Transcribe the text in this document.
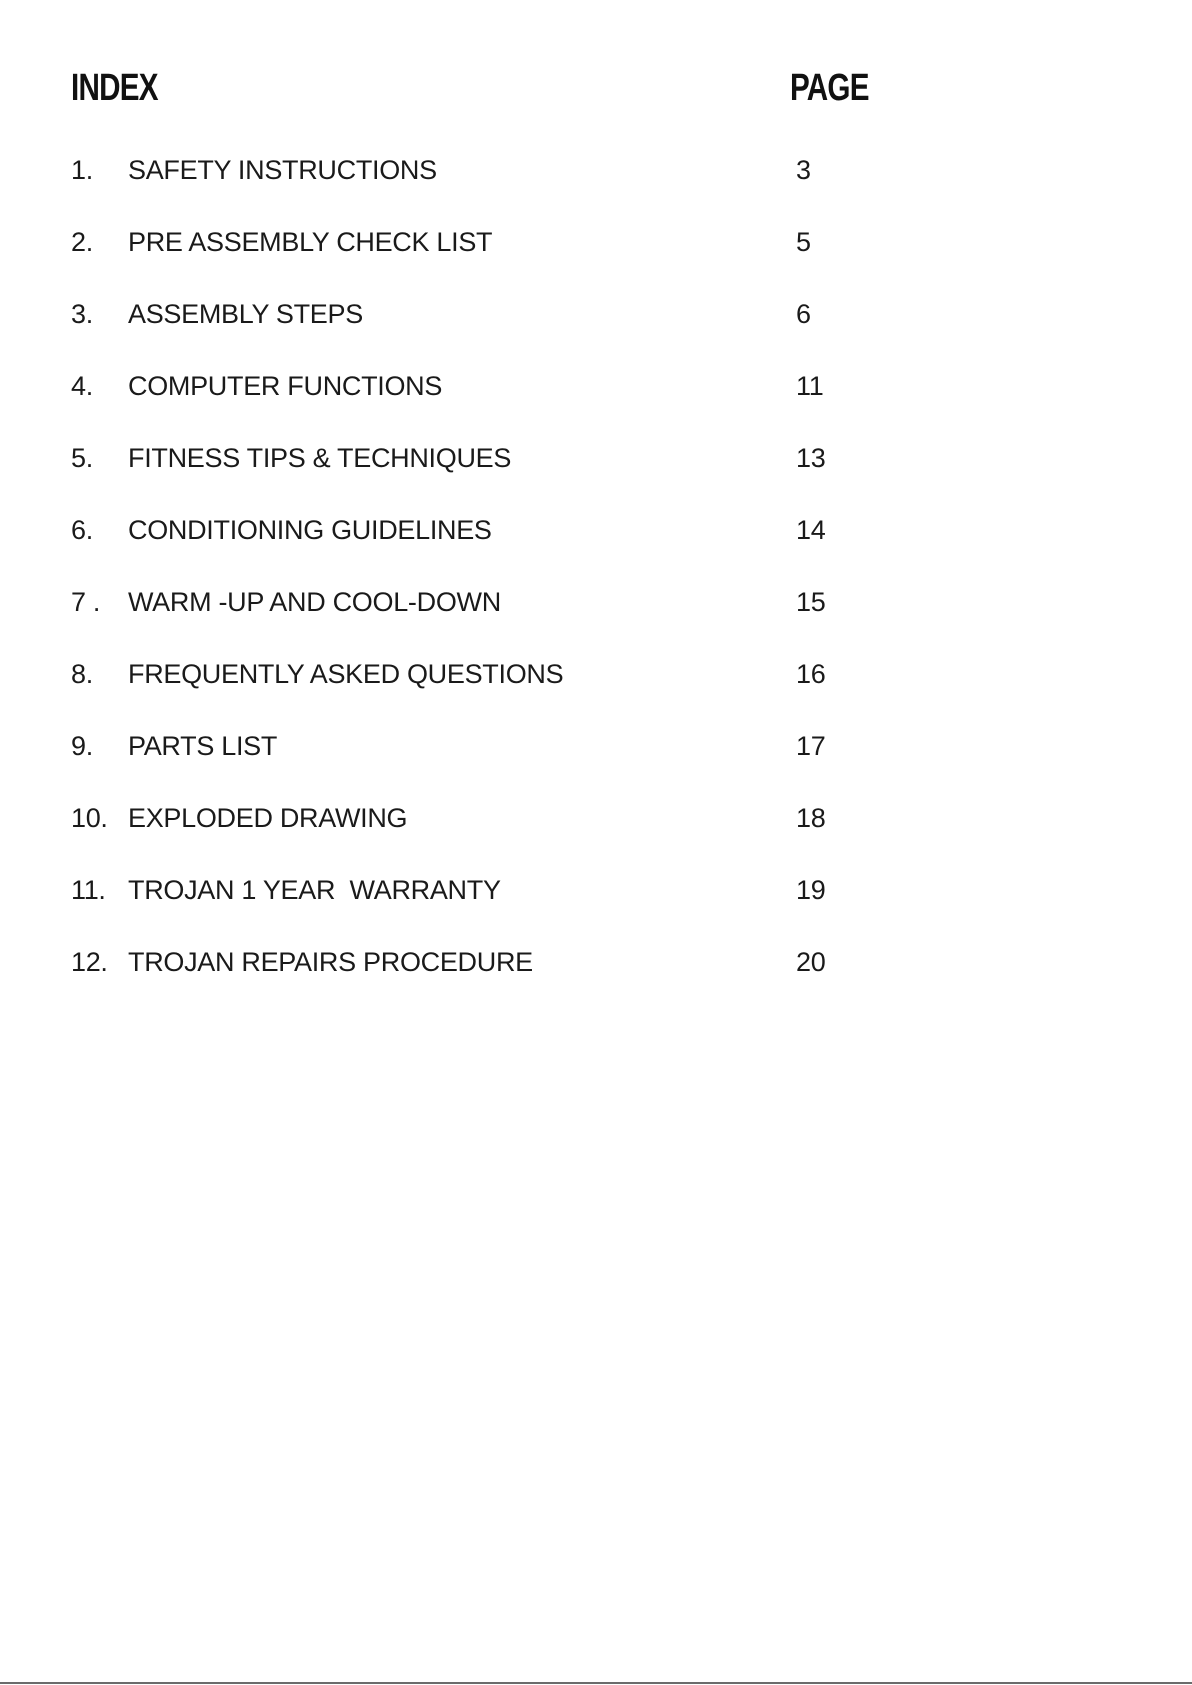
INDEX	PAGE
1. SAFETY INSTRUCTIONS	3
2. PRE ASSEMBLY CHECK LIST	5
3. ASSEMBLY STEPS	6
4. COMPUTER FUNCTIONS	11
5. FITNESS TIPS & TECHNIQUES	13
6. CONDITIONING GUIDELINES	14
7 . WARM -UP AND COOL-DOWN	15
8. FREQUENTLY ASKED QUESTIONS	16
9. PARTS LIST	17
10. EXPLODED DRAWING	18
11. TROJAN 1 YEAR  WARRANTY	19
12. TROJAN REPAIRS PROCEDURE	20
